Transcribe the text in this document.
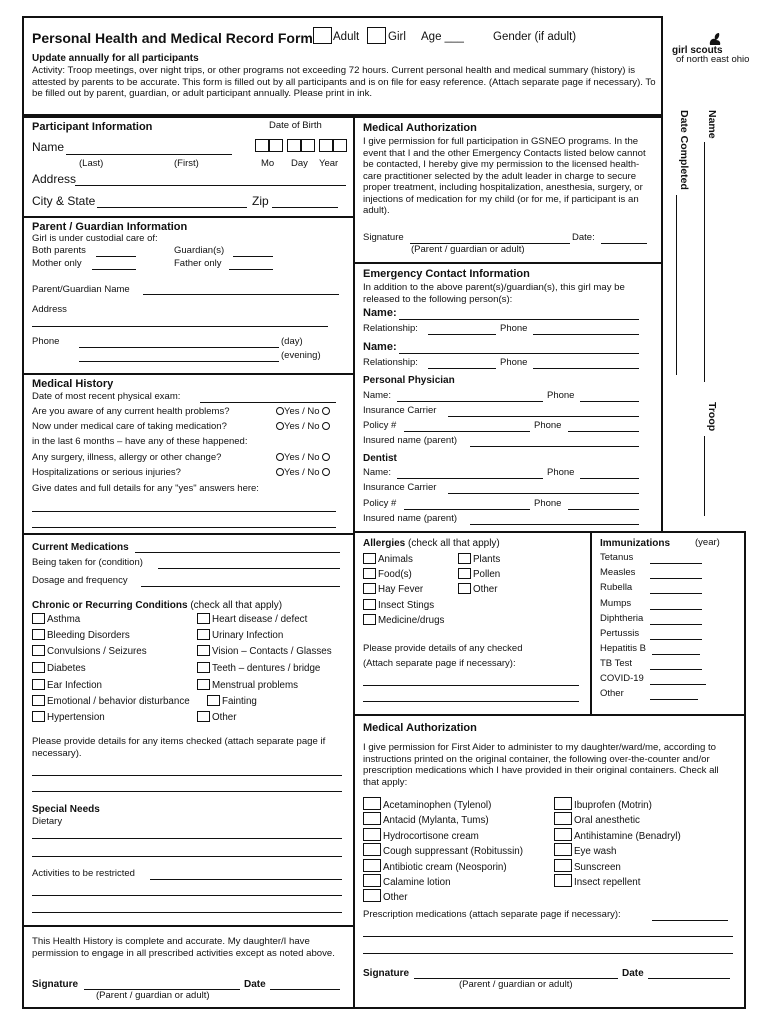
Personal Health and Medical Record Form Adult	Girl Age ___	Gender (if adult)
Update annually for all participants
Activity: Troop meetings, over night trips, or other programs not exceeding 72 hours. Current personal health and medical summary (history) is attested by parents to be accurate. This form is filled out by all participants and is on file for easy reference. (Attach separate page if necessary). To be filled out by parent, guardian, or adult participant annually. Please print in ink.
girl scouts
of north east ohio
Name
Date Completed
Troop
Participant Information	Date of Birth
Name
(Last)	(First)	Mo Day Year
Address
City & State	Zip
Parent / Guardian Information
Girl is under custodial care of:
Both parents	Guardian(s)
Mother only	Father only
Parent/Guardian Name
Address
Phone	(day)
(evening)
Medical History
Date of most recent physical exam:
Are you aware of any current health problems?	Yes / No
Now under medical care of taking medication?	Yes / No
in the last 6 months – have any of these happened:
Any surgery, illness, allergy or other change?	Yes / No
Hospitalizations or serious injuries?	Yes / No
Give dates and full details for any "yes" answers here:
Current Medications
Being taken for (condition)
Dosage and frequency
Chronic or Recurring Conditions (check all that apply)
Asthma
Bleeding Disorders
Convulsions / Seizures
Diabetes
Ear Infection
Emotional / behavior disturbance
Hypertension
Heart disease / defect
Urinary Infection
Vision – Contacts / Glasses
Teeth – dentures / bridge
Menstrual problems
Fainting
Other
Please provide details for any items checked (attach separate page if necessary).
Special Needs
Dietary
Activities to be restricted
This Health History is complete and accurate. My daughter/I have permission to engage in all prescribed activities except as noted above.
Signature	Date
(Parent / guardian or adult)
Medical Authorization
I give permission for full participation in GSNEO programs. In the event that I and the other Emergency Contacts listed below cannot be contacted, I hereby give my permission to the licensed health-care practitioner selected by the adult leader in charge to secure proper treatment, including hospitalization, anesthesia, surgery, or injections of medication for my child (or for me, if participant is an adult).
Signature	Date:
(Parent / guardian or adult)
Emergency Contact Information
In addition to the above parent(s)/guardian(s), this girl may be released to the following person(s):
Name:
Relationship:	Phone
Name:
Relationship:	Phone
Personal Physician
Name:	Phone
Insurance Carrier
Policy #	Phone
Insured name (parent)
Dentist
Name:	Phone
Insurance Carrier
Policy #	Phone
Insured name (parent)
Allergies (check all that apply)
Animals
Food(s)
Hay Fever
Insect Stings
Medicine/drugs
Plants
Pollen
Other
Please provide details of any checked
(Attach separate page if necessary):
Immunizations	(year)
Tetanus
Measles
Rubella
Mumps
Diphtheria
Pertussis
Hepatitis B
TB Test
COVID-19
Other
Medical Authorization
I give permission for First Aider to administer to my daughter/ward/me, according to instructions printed on the original container, the following over-the-counter and/or prescription medications which I have provided in their original containers. Check all that apply:
Acetaminophen (Tylenol)
Antacid (Mylanta, Tums)
Hydrocortisone cream
Cough suppressant (Robitussin)
Antibiotic cream (Neosporin)
Calamine lotion
Other
Ibuprofen (Motrin)
Oral anesthetic
Antihistamine (Benadryl)
Eye wash
Sunscreen
Insect repellent
Prescription medications (attach separate page if necessary):
Signature	Date
(Parent / guardian or adult)
